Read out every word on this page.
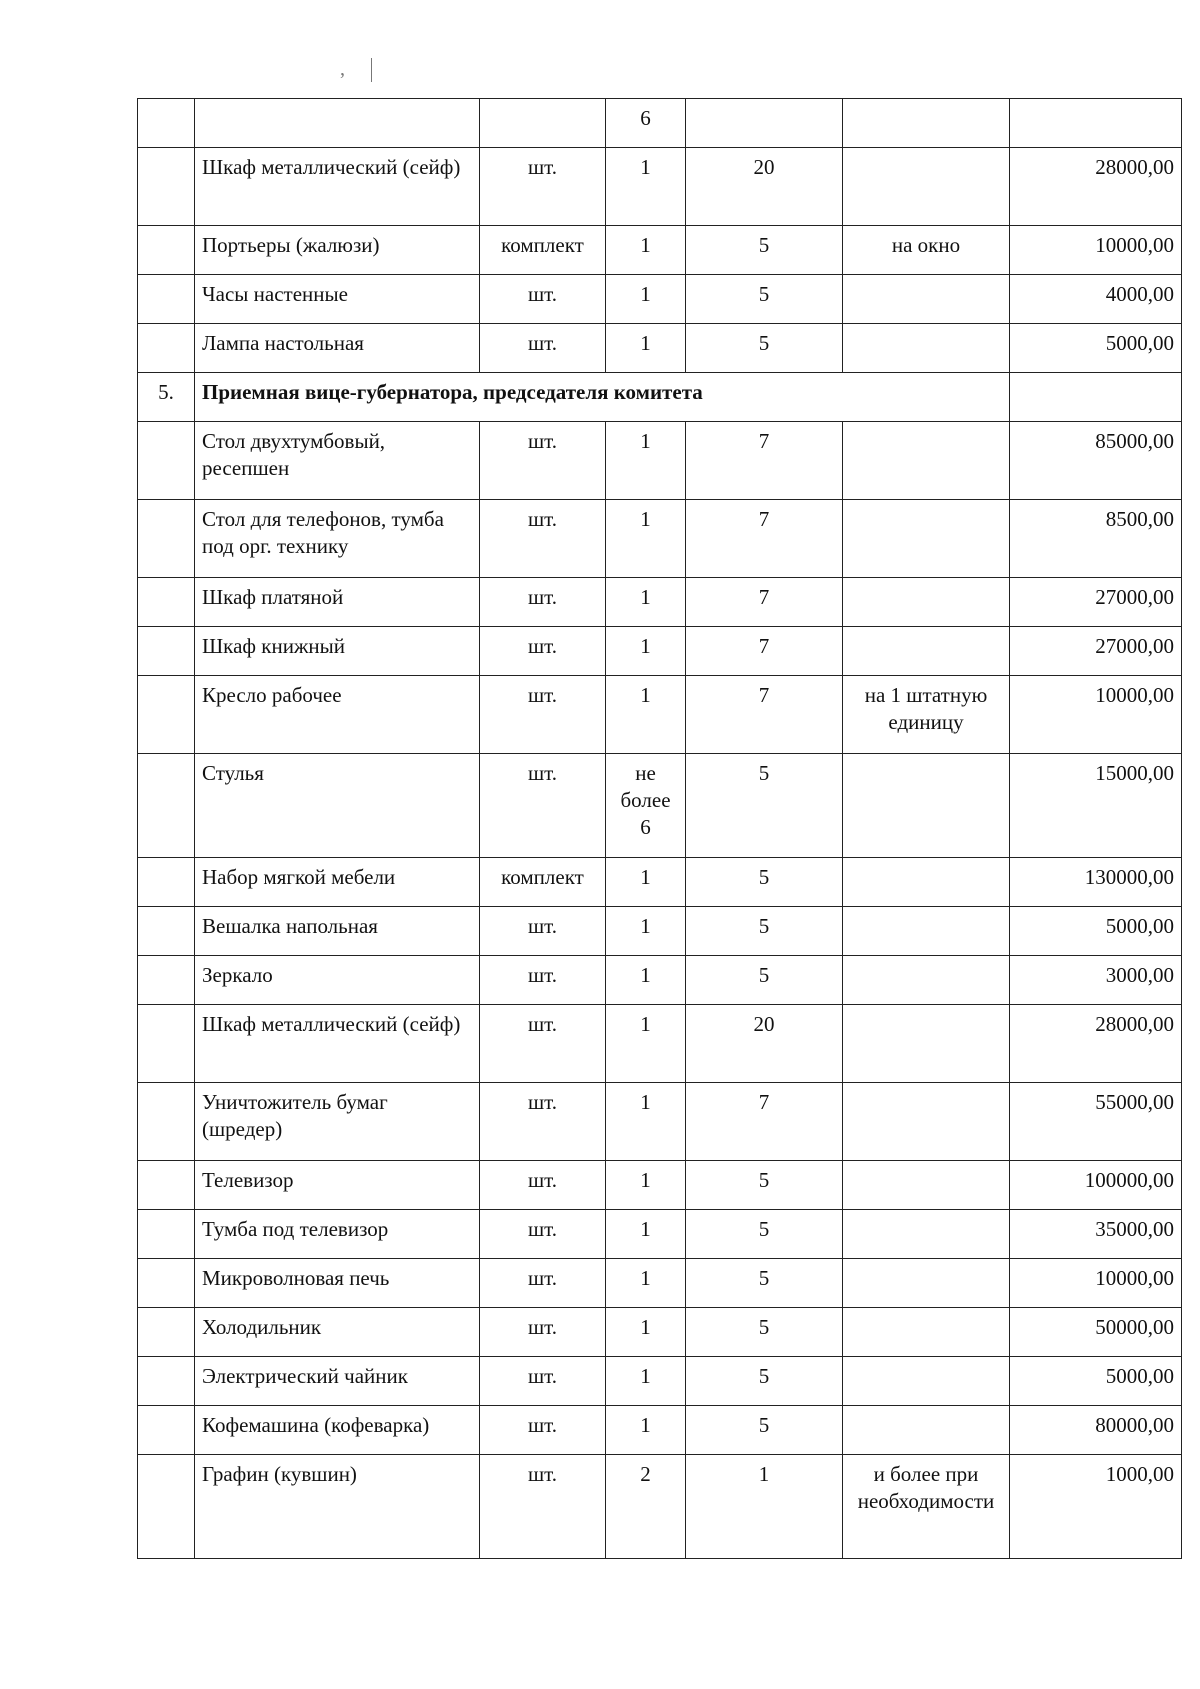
,
			6			
	Шкаф металлический (сейф)	шт.	1	20		28000,00
	Портьеры (жалюзи)	комплект	1	5	на окно	10000,00
	Часы настенные	шт.	1	5		4000,00
	Лампа настольная	шт.	1	5		5000,00
5.	Приемная вице-губернатора, председателя комитета					
	Стол двухтумбовый, ресепшен	шт.	1	7		85000,00
	Стол для телефонов, тумба под орг. технику	шт.	1	7		8500,00
	Шкаф платяной	шт.	1	7		27000,00
	Шкаф книжный	шт.	1	7		27000,00
	Кресло рабочее	шт.	1	7	на 1 штатную единицу	10000,00
	Стулья	шт.	не более 6	5		15000,00
	Набор мягкой мебели	комплект	1	5		130000,00
	Вешалка напольная	шт.	1	5		5000,00
	Зеркало	шт.	1	5		3000,00
	Шкаф металлический (сейф)	шт.	1	20		28000,00
	Уничтожитель бумаг (шредер)	шт.	1	7		55000,00
	Телевизор	шт.	1	5		100000,00
	Тумба под телевизор	шт.	1	5		35000,00
	Микроволновая печь	шт.	1	5		10000,00
	Холодильник	шт.	1	5		50000,00
	Электрический чайник	шт.	1	5		5000,00
	Кофемашина (кофеварка)	шт.	1	5		80000,00
	Графин (кувшин)	шт.	2	1	и более при необходимости	1000,00
